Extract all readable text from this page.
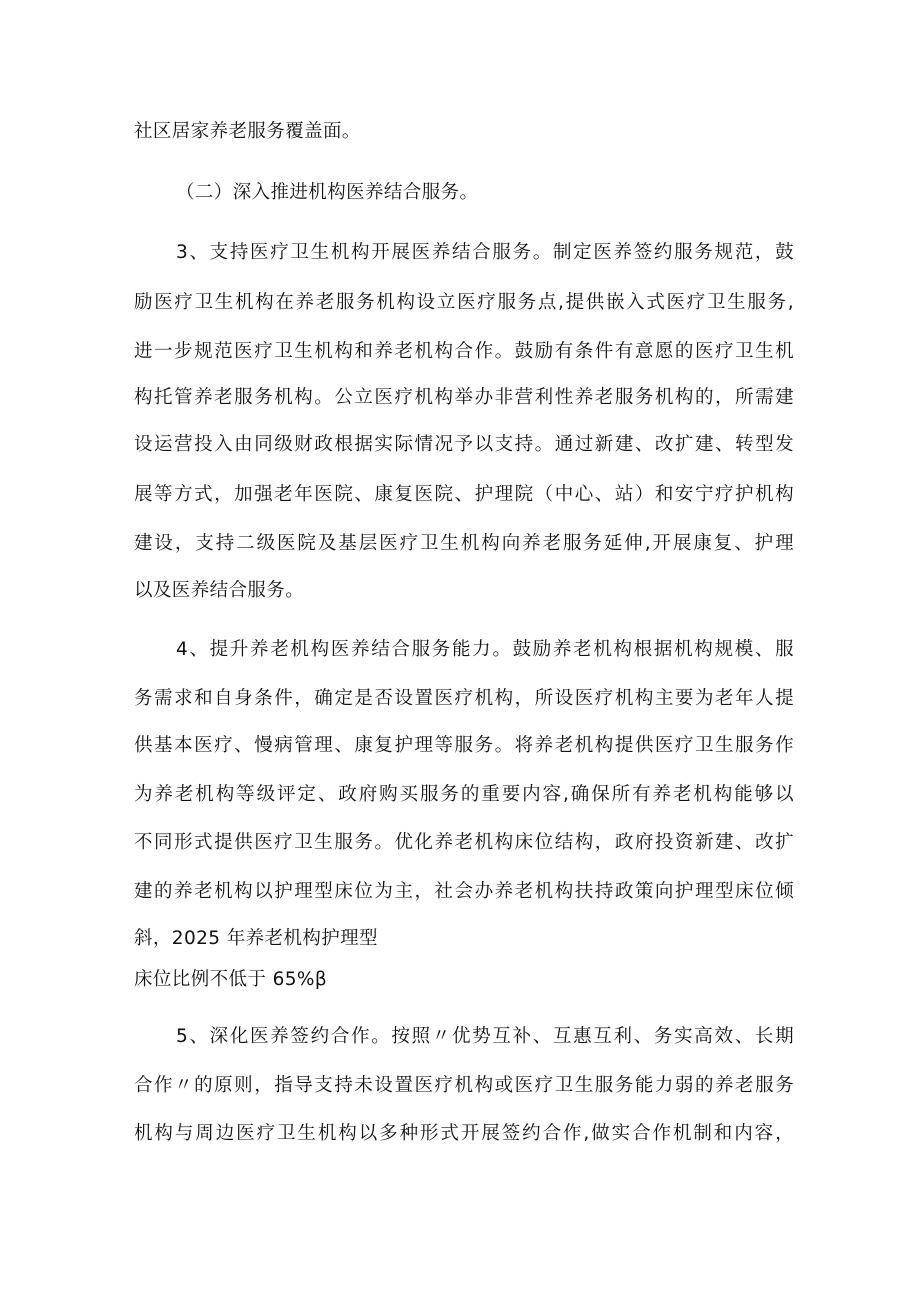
社区居家养老服务覆盖面。
（二）深入推进机构医养结合服务。
3、支持医疗卫生机构开展医养结合服务。制定医养签约服务规范，鼓
励医疗卫生机构在养老服务机构设立医疗服务点,提供嵌入式医疗卫生服务,
进一步规范医疗卫生机构和养老机构合作。鼓励有条件有意愿的医疗卫生机
构托管养老服务机构。公立医疗机构举办非营利性养老服务机构的，所需建
设运营投入由同级财政根据实际情况予以支持。通过新建、改扩建、转型发
展等方式，加强老年医院、康复医院、护理院（中心、站）和安宁疗护机构
建设，支持二级医院及基层医疗卫生机构向养老服务延伸,开展康复、护理
以及医养结合服务。
4、提升养老机构医养结合服务能力。鼓励养老机构根据机构规模、服
务需求和自身条件，确定是否设置医疗机构，所设医疗机构主要为老年人提
供基本医疗、慢病管理、康复护理等服务。将养老机构提供医疗卫生服务作
为养老机构等级评定、政府购买服务的重要内容,确保所有养老机构能够以
不同形式提供医疗卫生服务。优化养老机构床位结构，政府投资新建、改扩
建的养老机构以护理型床位为主，社会办养老机构扶持政策向护理型床位倾
斜，2025 年养老机构护理型
床位比例不低于 65%β
5、深化医养签约合作。按照〃优势互补、互惠互利、务实高效、长期
合作〃的原则，指导支持未设置医疗机构或医疗卫生服务能力弱的养老服务
机构与周边医疗卫生机构以多种形式开展签约合作,做实合作机制和内容，
